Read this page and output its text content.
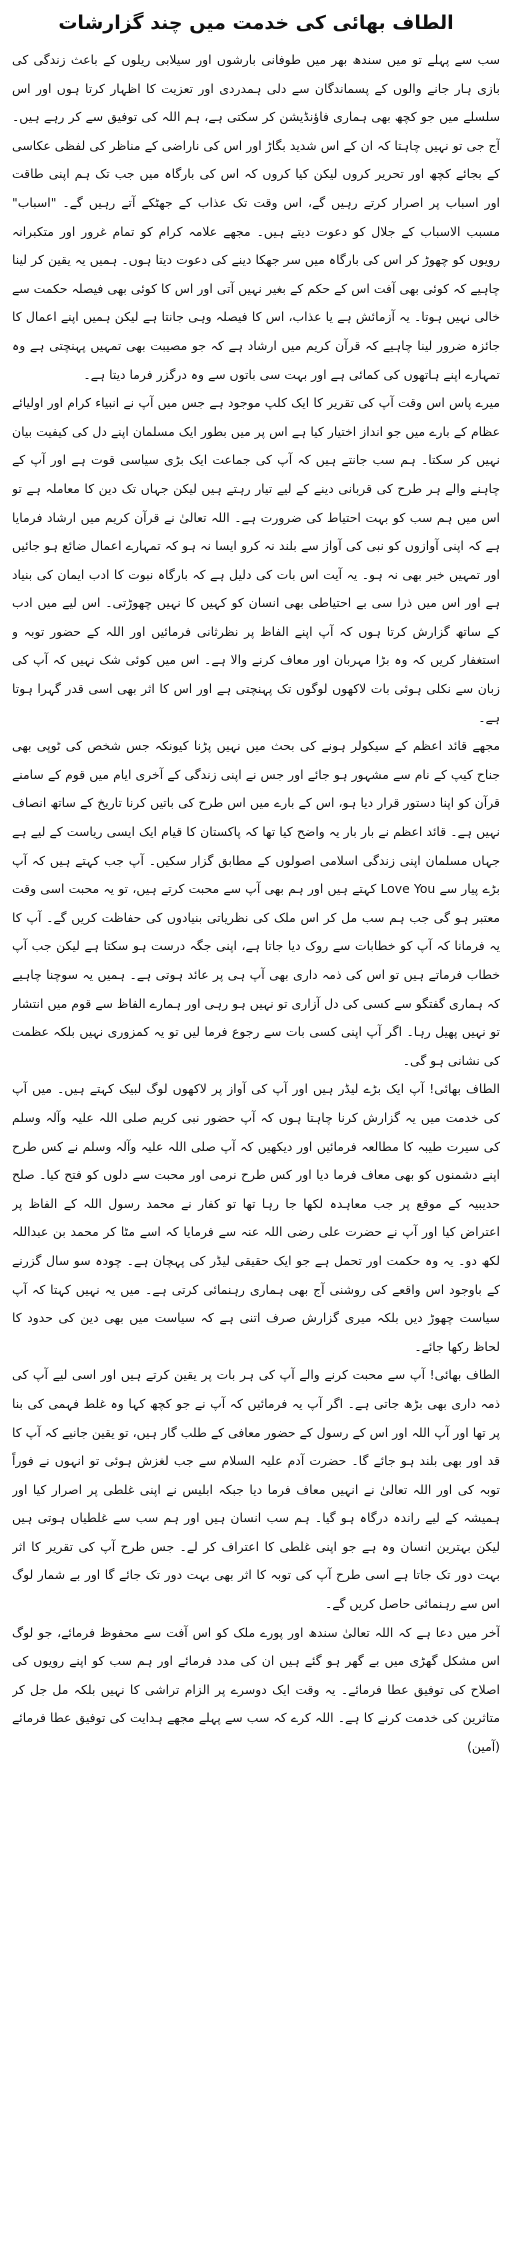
الطاف بھائی کی خدمت میں چند گزارشات

سب سے پہلے تو میں سندھ بھر میں طوفانی بارشوں اور سیلابی ریلوں کے باعث زندگی کی بازی ہار جانے والوں کے پسماندگان سے دلی ہمدردی اور تعزیت کا اظہار کرتا ہوں اور اس سلسلے میں جو کچھ بھی ہماری فاؤنڈیشن کر سکتی ہے، ہم اللہ کی توفیق سے کر رہے ہیں۔ آج جی تو نہیں چاہتا کہ ان کے اس شدید بگاڑ اور اس کی ناراضی کے مناظر کی لفظی عکاسی کے بجائے کچھ اور تحریر کروں لیکن کیا کروں کہ اس کی بارگاہ میں جب تک ہم اپنی طاقت اور اسباب پر اصرار کرتے رہیں گے، اس وقت تک عذاب کے جھٹکے آتے رہیں گے۔ "اسباب" مسبب الاسباب کے جلال کو دعوت دیتے ہیں۔ مجھے علامہ کرام کو تمام غرور اور متکبرانہ رویوں کو چھوڑ کر اس کی بارگاہ میں سر جھکا دینے کی دعوت دیتا ہوں۔ ہمیں یہ یقین کر لینا چاہیے کہ کوئی بھی آفت اس کے حکم کے بغیر نہیں آتی اور اس کا کوئی بھی فیصلہ حکمت سے خالی نہیں ہوتا۔ یہ آزمائش ہے یا عذاب، اس کا فیصلہ وہی جانتا ہے لیکن ہمیں اپنے اعمال کا جائزہ ضرور لینا چاہیے کہ قرآن کریم میں ارشاد ہے کہ جو مصیبت بھی تمہیں پہنچتی ہے وہ تمہارے اپنے ہاتھوں کی کمائی ہے اور بہت سی باتوں سے وہ درگزر فرما دیتا ہے۔

میرے پاس اس وقت آپ کی تقریر کا ایک کلپ موجود ہے جس میں آپ نے انبیاء کرام اور اولیائے عظام کے بارے میں جو انداز اختیار کیا ہے اس پر میں بطور ایک مسلمان اپنے دل کی کیفیت بیان نہیں کر سکتا۔ ہم سب جانتے ہیں کہ آپ کی جماعت ایک بڑی سیاسی قوت ہے اور آپ کے چاہنے والے ہر طرح کی قربانی دینے کے لیے تیار رہتے ہیں لیکن جہاں تک دین کا معاملہ ہے تو اس میں ہم سب کو بہت احتیاط کی ضرورت ہے۔ اللہ تعالیٰ نے قرآن کریم میں ارشاد فرمایا ہے کہ اپنی آوازوں کو نبی کی آواز سے بلند نہ کرو ایسا نہ ہو کہ تمہارے اعمال ضائع ہو جائیں اور تمہیں خبر بھی نہ ہو۔ یہ آیت اس بات کی دلیل ہے کہ بارگاہ نبوت کا ادب ایمان کی بنیاد ہے اور اس میں ذرا سی بے احتیاطی بھی انسان کو کہیں کا نہیں چھوڑتی۔ اس لیے میں ادب کے ساتھ گزارش کرتا ہوں کہ آپ اپنے الفاظ پر نظرثانی فرمائیں اور اللہ کے حضور توبہ و استغفار کریں کہ وہ بڑا مہربان اور معاف کرنے والا ہے۔ اس میں کوئی شک نہیں کہ آپ کی زبان سے نکلی ہوئی بات لاکھوں لوگوں تک پہنچتی ہے اور اس کا اثر بھی اسی قدر گہرا ہوتا ہے۔

مجھے قائد اعظم کے سیکولر ہونے کی بحث میں نہیں پڑنا کیونکہ جس شخص کی ٹوپی بھی جناح کیپ کے نام سے مشہور ہو جائے اور جس نے اپنی زندگی کے آخری ایام میں قوم کے سامنے قرآن کو اپنا دستور قرار دیا ہو، اس کے بارے میں اس طرح کی باتیں کرنا تاریخ کے ساتھ انصاف نہیں ہے۔ قائد اعظم نے بار بار یہ واضح کیا تھا کہ پاکستان کا قیام ایک ایسی ریاست کے لیے ہے جہاں مسلمان اپنی زندگی اسلامی اصولوں کے مطابق گزار سکیں۔ آپ جب کہتے ہیں کہ آپ بڑے پیار سے Love You کہتے ہیں اور ہم بھی آپ سے محبت کرتے ہیں، تو یہ محبت اسی وقت معتبر ہو گی جب ہم سب مل کر اس ملک کی نظریاتی بنیادوں کی حفاظت کریں گے۔ آپ کا یہ فرمانا کہ آپ کو خطابات سے روک دیا جاتا ہے، اپنی جگہ درست ہو سکتا ہے لیکن جب آپ خطاب فرماتے ہیں تو اس کی ذمہ داری بھی آپ ہی پر عائد ہوتی ہے۔ ہمیں یہ سوچنا چاہیے کہ ہماری گفتگو سے کسی کی دل آزاری تو نہیں ہو رہی اور ہمارے الفاظ سے قوم میں انتشار تو نہیں پھیل رہا۔ اگر آپ اپنی کسی بات سے رجوع فرما لیں تو یہ کمزوری نہیں بلکہ عظمت کی نشانی ہو گی۔

الطاف بھائی! آپ ایک بڑے لیڈر ہیں اور آپ کی آواز پر لاکھوں لوگ لبیک کہتے ہیں۔ میں آپ کی خدمت میں یہ گزارش کرنا چاہتا ہوں کہ آپ حضور نبی کریم صلی اللہ علیہ وآلہ وسلم کی سیرت طیبہ کا مطالعہ فرمائیں اور دیکھیں کہ آپ صلی اللہ علیہ وآلہ وسلم نے کس طرح اپنے دشمنوں کو بھی معاف فرما دیا اور کس طرح نرمی اور محبت سے دلوں کو فتح کیا۔ صلح حدیبیہ کے موقع پر جب معاہدہ لکھا جا رہا تھا تو کفار نے محمد رسول اللہ کے الفاظ پر اعتراض کیا اور آپ نے حضرت علی رضی اللہ عنہ سے فرمایا کہ اسے مٹا کر محمد بن عبداللہ لکھ دو۔ یہ وہ حکمت اور تحمل ہے جو ایک حقیقی لیڈر کی پہچان ہے۔ چودہ سو سال گزرنے کے باوجود اس واقعے کی روشنی آج بھی ہماری رہنمائی کرتی ہے۔ میں یہ نہیں کہتا کہ آپ سیاست چھوڑ دیں بلکہ میری گزارش صرف اتنی ہے کہ سیاست میں بھی دین کی حدود کا لحاظ رکھا جائے۔

الطاف بھائی! آپ سے محبت کرنے والے آپ کی ہر بات پر یقین کرتے ہیں اور اسی لیے آپ کی ذمہ داری بھی بڑھ جاتی ہے۔ اگر آپ یہ فرمائیں کہ آپ نے جو کچھ کہا وہ غلط فہمی کی بنا پر تھا اور آپ اللہ اور اس کے رسول کے حضور معافی کے طلب گار ہیں، تو یقین جانیے کہ آپ کا قد اور بھی بلند ہو جائے گا۔ حضرت آدم علیہ السلام سے جب لغزش ہوئی تو انہوں نے فوراً توبہ کی اور اللہ تعالیٰ نے انہیں معاف فرما دیا جبکہ ابلیس نے اپنی غلطی پر اصرار کیا اور ہمیشہ کے لیے راندہ درگاہ ہو گیا۔ ہم سب انسان ہیں اور ہم سب سے غلطیاں ہوتی ہیں لیکن بہترین انسان وہ ہے جو اپنی غلطی کا اعتراف کر لے۔ جس طرح آپ کی تقریر کا اثر بہت دور تک جاتا ہے اسی طرح آپ کی توبہ کا اثر بھی بہت دور تک جائے گا اور بے شمار لوگ اس سے رہنمائی حاصل کریں گے۔

آخر میں دعا ہے کہ اللہ تعالیٰ سندھ اور پورے ملک کو اس آفت سے محفوظ فرمائے، جو لوگ اس مشکل گھڑی میں بے گھر ہو گئے ہیں ان کی مدد فرمائے اور ہم سب کو اپنے رویوں کی اصلاح کی توفیق عطا فرمائے۔ یہ وقت ایک دوسرے پر الزام تراشی کا نہیں بلکہ مل جل کر متاثرین کی خدمت کرنے کا ہے۔ اللہ کرے کہ سب سے پہلے مجھے ہدایت کی توفیق عطا فرمائے (آمین)
